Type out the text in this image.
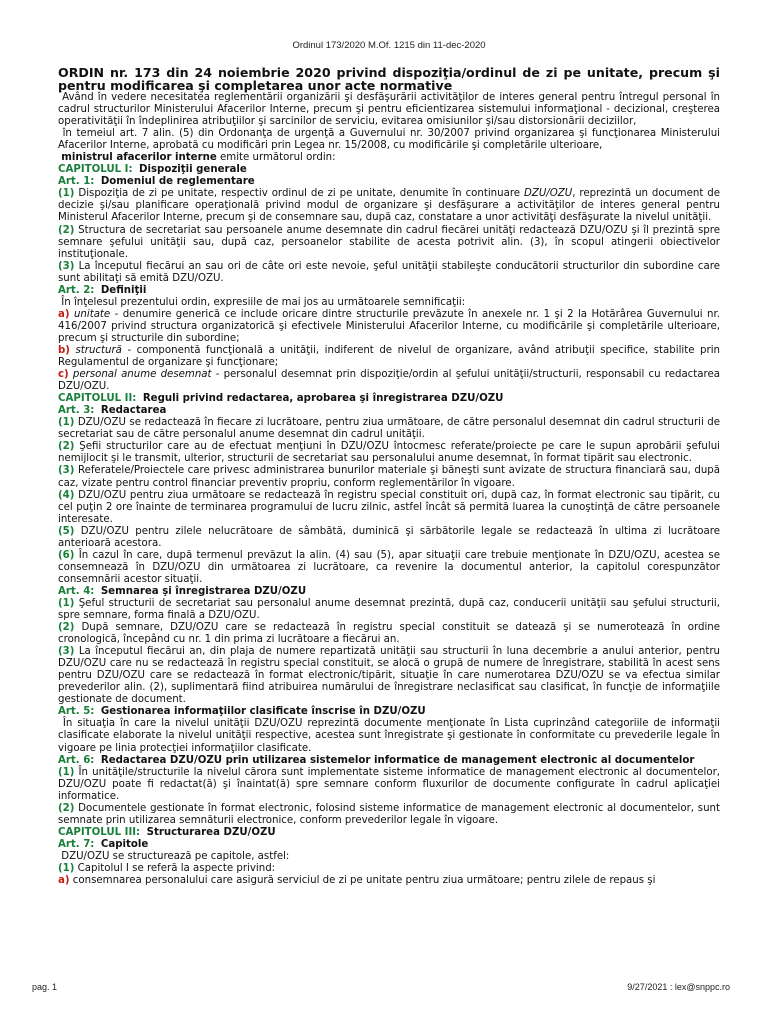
Ordinul 173/2020 M.Of. 1215 din 11-dec-2020

ORDIN nr. 173 din 24 noiembrie 2020 privind dispoziţia/ordinul de zi pe unitate, precum şi pentru modificarea şi completarea unor acte normative

Având în vedere necesitatea reglementării organizării şi desfăşurării activităţilor de interes general pentru întregul personal în cadrul structurilor Ministerului Afacerilor Interne, precum şi pentru eficientizarea sistemului informaţional - decizional, creşterea operativităţii în îndeplinirea atribuţiilor şi sarcinilor de serviciu, evitarea omisiunilor şi/sau distorsionării deciziilor,

în temeiul art. 7 alin. (5) din Ordonanţa de urgenţă a Guvernului nr. 30/2007 privind organizarea şi funcţionarea Ministerului Afacerilor Interne, aprobată cu modificări prin Legea nr. 15/2008, cu modificările şi completările ulterioare,

ministrul afacerilor interne emite următorul ordin:

CAPITOLUL I: Dispoziţii generale

Art. 1: Domeniul de reglementare

(1) Dispoziţia de zi pe unitate, respectiv ordinul de zi pe unitate, denumite în continuare DZU/OZU, reprezintă un document de decizie şi/sau planificare operaţională privind modul de organizare şi desfăşurare a activităţilor de interes general pentru Ministerul Afacerilor Interne, precum şi de consemnare sau, după caz, constatare a unor activităţi desfăşurate la nivelul unităţii.

(2) Structura de secretariat sau persoanele anume desemnate din cadrul fiecărei unităţi redactează DZU/OZU şi îl prezintă spre semnare şefului unităţii sau, după caz, persoanelor stabilite de acesta potrivit alin. (3), în scopul atingerii obiectivelor instituţionale.

(3) La începutul fiecărui an sau ori de câte ori este nevoie, şeful unităţii stabileşte conducătorii structurilor din subordine care sunt abilitaţi să emită DZU/OZU.

Art. 2: Definiţii

În înţelesul prezentului ordin, expresiile de mai jos au următoarele semnificaţii:

a) unitate - denumire generică ce include oricare dintre structurile prevăzute în anexele nr. 1 şi 2 la Hotărârea Guvernului nr. 416/2007 privind structura organizatorică şi efectivele Ministerului Afacerilor Interne, cu modificările şi completările ulterioare, precum şi structurile din subordine;

b) structură - componentă funcţională a unităţii, indiferent de nivelul de organizare, având atribuţii specifice, stabilite prin Regulamentul de organizare şi funcţionare;

c) personal anume desemnat - personalul desemnat prin dispoziţie/ordin al şefului unităţii/structurii, responsabil cu redactarea DZU/OZU.

CAPITOLUL II: Reguli privind redactarea, aprobarea şi înregistrarea DZU/OZU

Art. 3: Redactarea

(1) DZU/OZU se redactează în fiecare zi lucrătoare, pentru ziua următoare, de către personalul desemnat din cadrul structurii de secretariat sau de către personalul anume desemnat din cadrul unităţii.

(2) Şefii structurilor care au de efectuat menţiuni în DZU/OZU întocmesc referate/proiecte pe care le supun aprobării şefului nemijlocit şi le transmit, ulterior, structurii de secretariat sau personalului anume desemnat, în format tipărit sau electronic.

(3) Referatele/Proiectele care privesc administrarea bunurilor materiale şi băneşti sunt avizate de structura financiară sau, după caz, vizate pentru control financiar preventiv propriu, conform reglementărilor în vigoare.

(4) DZU/OZU pentru ziua următoare se redactează în registru special constituit ori, după caz, în format electronic sau tipărit, cu cel puţin 2 ore înainte de terminarea programului de lucru zilnic, astfel încât să permită luarea la cunoştinţă de către persoanele interesate.

(5) DZU/OZU pentru zilele nelucrătoare de sâmbătă, duminică şi sărbătorile legale se redactează în ultima zi lucrătoare anterioară acestora.

(6) În cazul în care, după termenul prevăzut la alin. (4) sau (5), apar situaţii care trebuie menţionate în DZU/OZU, acestea se consemnează în DZU/OZU din următoarea zi lucrătoare, ca revenire la documentul anterior, la capitolul corespunzător consemnării acestor situaţii.

Art. 4: Semnarea şi înregistrarea DZU/OZU

(1) Şeful structurii de secretariat sau personalul anume desemnat prezintă, după caz, conducerii unităţii sau şefului structurii, spre semnare, forma finală a DZU/OZU.

(2) După semnare, DZU/OZU care se redactează în registru special constituit se datează şi se numerotează în ordine cronologică, începând cu nr. 1 din prima zi lucrătoare a fiecărui an.

(3) La începutul fiecărui an, din plaja de numere repartizată unităţii sau structurii în luna decembrie a anului anterior, pentru DZU/OZU care nu se redactează în registru special constituit, se alocă o grupă de numere de înregistrare, stabilită în acest sens pentru DZU/OZU care se redactează în format electronic/tipărit, situaţie în care numerotarea DZU/OZU se va efectua similar prevederilor alin. (2), suplimentară fiind atribuirea numărului de înregistrare neclasificat sau clasificat, în funcţie de informaţiile gestionate de document.

Art. 5: Gestionarea informaţiilor clasificate înscrise în DZU/OZU

În situaţia în care la nivelul unităţii DZU/OZU reprezintă documente menţionate în Lista cuprinzând categoriile de informaţii clasificate elaborate la nivelul unităţii respective, acestea sunt înregistrate şi gestionate în conformitate cu prevederile legale în vigoare pe linia protecţiei informaţiilor clasificate.

Art. 6: Redactarea DZU/OZU prin utilizarea sistemelor informatice de management electronic al documentelor

(1) În unităţile/structurile la nivelul cărora sunt implementate sisteme informatice de management electronic al documentelor, DZU/OZU poate fi redactat(ă) şi înaintat(ă) spre semnare conform fluxurilor de documente configurate în cadrul aplicaţiei informatice.

(2) Documentele gestionate în format electronic, folosind sisteme informatice de management electronic al documentelor, sunt semnate prin utilizarea semnăturii electronice, conform prevederilor legale în vigoare.

CAPITOLUL III: Structurarea DZU/OZU

Art. 7: Capitole

DZU/OZU se structurează pe capitole, astfel:

(1) Capitolul I se referă la aspecte privind:

a) consemnarea personalului care asigură serviciul de zi pe unitate pentru ziua următoare; pentru zilele de repaus şi

pag. 1	9/27/2021 : lex@snppc.ro
